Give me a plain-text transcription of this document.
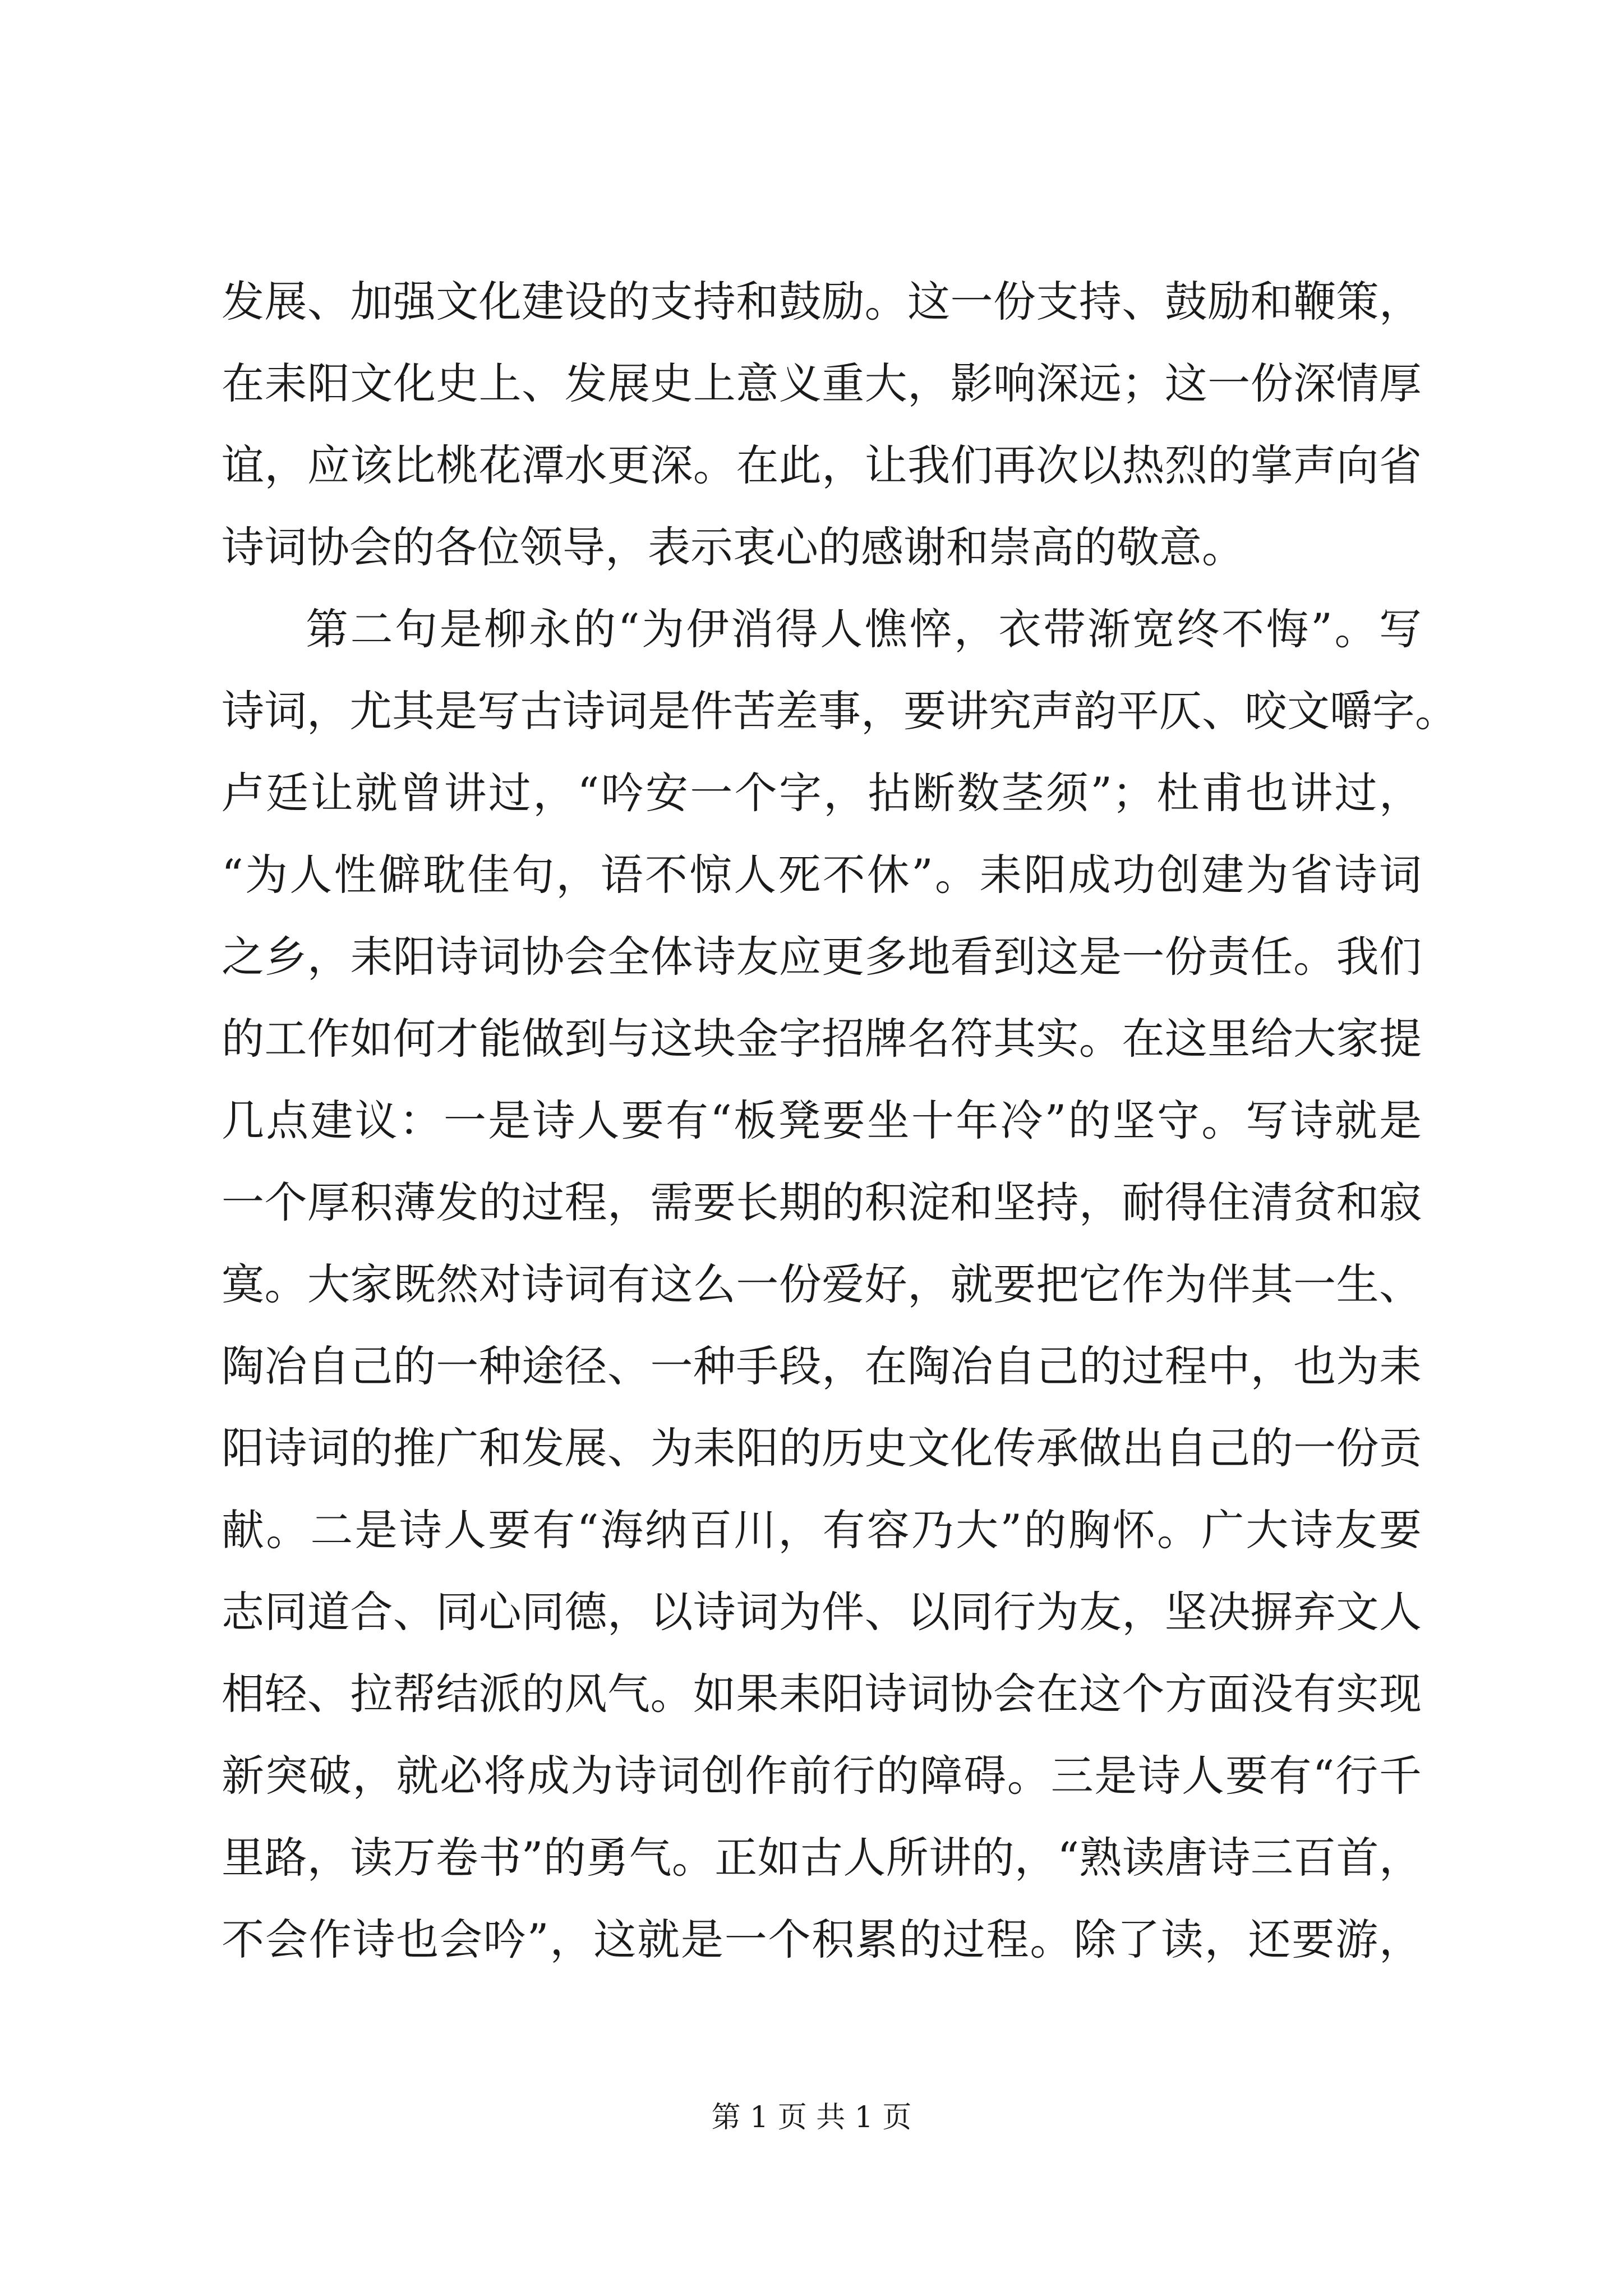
发展、加强文化建设的支持和鼓励。这一份支持、鼓励和鞭策，
在耒阳文化史上、发展史上意义重大，影响深远；这一份深情厚
谊，应该比桃花潭水更深。在此，让我们再次以热烈的掌声向省
诗词协会的各位领导，表示衷心的感谢和崇高的敬意。
第二句是柳永的“为伊消得人憔悴，衣带渐宽终不悔”。写
诗词，尤其是写古诗词是件苦差事，要讲究声韵平仄、咬文嚼字。
卢廷让就曾讲过，“吟安一个字，拈断数茎须”；杜甫也讲过，
“为人性僻耽佳句，语不惊人死不休”。耒阳成功创建为省诗词
之乡，耒阳诗词协会全体诗友应更多地看到这是一份责任。我们
的工作如何才能做到与这块金字招牌名符其实。在这里给大家提
几点建议：一是诗人要有“板凳要坐十年冷”的坚守。写诗就是
一个厚积薄发的过程，需要长期的积淀和坚持，耐得住清贫和寂
寞。大家既然对诗词有这么一份爱好，就要把它作为伴其一生、
陶冶自己的一种途径、一种手段，在陶冶自己的过程中，也为耒
阳诗词的推广和发展、为耒阳的历史文化传承做出自己的一份贡
献。二是诗人要有“海纳百川，有容乃大”的胸怀。广大诗友要
志同道合、同心同德，以诗词为伴、以同行为友，坚决摒弃文人
相轻、拉帮结派的风气。如果耒阳诗词协会在这个方面没有实现
新突破，就必将成为诗词创作前行的障碍。三是诗人要有“行千
里路，读万卷书”的勇气。正如古人所讲的，“熟读唐诗三百首，
不会作诗也会吟”，这就是一个积累的过程。除了读，还要游，
第 1 页 共 1 页
